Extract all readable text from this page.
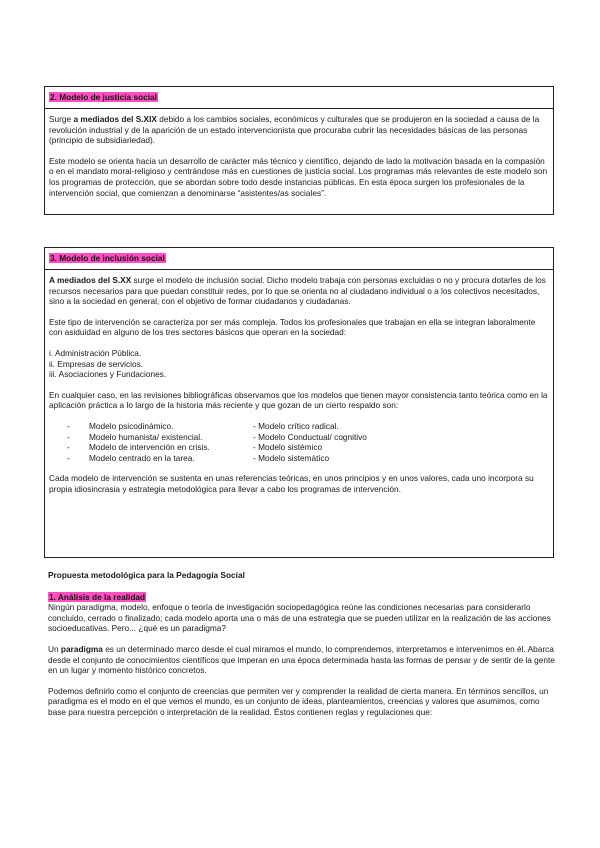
2. Modelo de justicia social

Surge a mediados del S.XIX debido a los cambios sociales, económicos y culturales que se produjeron en la sociedad a causa de la revolución industrial y de la aparición de un estado intervencionista que procuraba cubrir las necesidades básicas de las personas (principio de subsidiariedad).

Este modelo se orienta hacia un desarrollo de carácter más técnico y científico, dejando de lado la motivación basada en la compasión o en el mandato moral-religioso y centrándose más en cuestiones de justicia social. Los programas más relevantes de este modelo son los programas de protección, que se abordan sobre todo desde instancias públicas. En esta época surgen los profesionales de la intervención social, que comienzan a denominarse “asistentes/as sociales”.

3. Modelo de inclusión social

A mediados del S.XX surge el modelo de inclusión social. Dicho modelo trabaja con personas excluidas o no y procura dotarles de los recursos necesarios para que puedan constituir redes, por lo que se orienta no al ciudadano individual o a los colectivos necesitados, sino a la sociedad en general, con el objetivo de formar ciudadanos y ciudadanas.

Este tipo de intervención se caracteriza por ser más compleja. Todos los profesionales que trabajan en ella se integran laboralmente con asiduidad en alguno de los tres sectores básicos que operan en la sociedad:

i. Administración Pública.
ii. Empresas de servicios.
iii. Asociaciones y Fundaciones.

En cualquier caso, en las revisiones bibliográficas observamos que los modelos que tienen mayor consistencia tanto teórica como en la aplicación práctica a lo largo de la historia más reciente y que gozan de un cierto respaldo son:

- Modelo psicodinámico.	- Modelo crítico radical.
- Modelo humanista/ existencial.	- Modelo Conductual/ cognitivo
- Modelo de intervención en crisis.	- Modelo sistémico
- Modelo centrado en la tarea.	- Modelo sistemático

Cada modelo de intervención se sustenta en unas referencias teóricas, en unos principios y en unos valores, cada uno incorpora su propia idiosincrasia y estrategia metodológica para llevar a cabo los programas de intervención.

Propuesta metodológica para la Pedagogía Social

1. Análisis de la realidad

Ningún paradigma, modelo, enfoque o teoría de investigación sociopedagógica reúne las condiciones necesarias para considerarlo concluido, cerrado o finalizado; cada modelo aporta una o más de una estrategia que se pueden utilizar en la realización de las acciones socioeducativas. Pero... ¿qué es un paradigma?

Un paradigma es un determinado marco desde el cual miramos el mundo, lo comprendemos, interpretamos e intervenimos en él. Abarca desde el conjunto de conocimientos científicos que imperan en una época determinada hasta las formas de pensar y de sentir de la gente en un lugar y momento histórico concretos.

Podemos definirlo como el conjunto de creencias que permiten ver y comprender la realidad de cierta manera. En términos sencillos, un paradigma es el modo en el que vemos el mundo, es un conjunto de ideas, planteamientos, creencias y valores que asumimos, como base para nuestra percepción o interpretación de la realidad. Éstos contienen reglas y regulaciones que:
